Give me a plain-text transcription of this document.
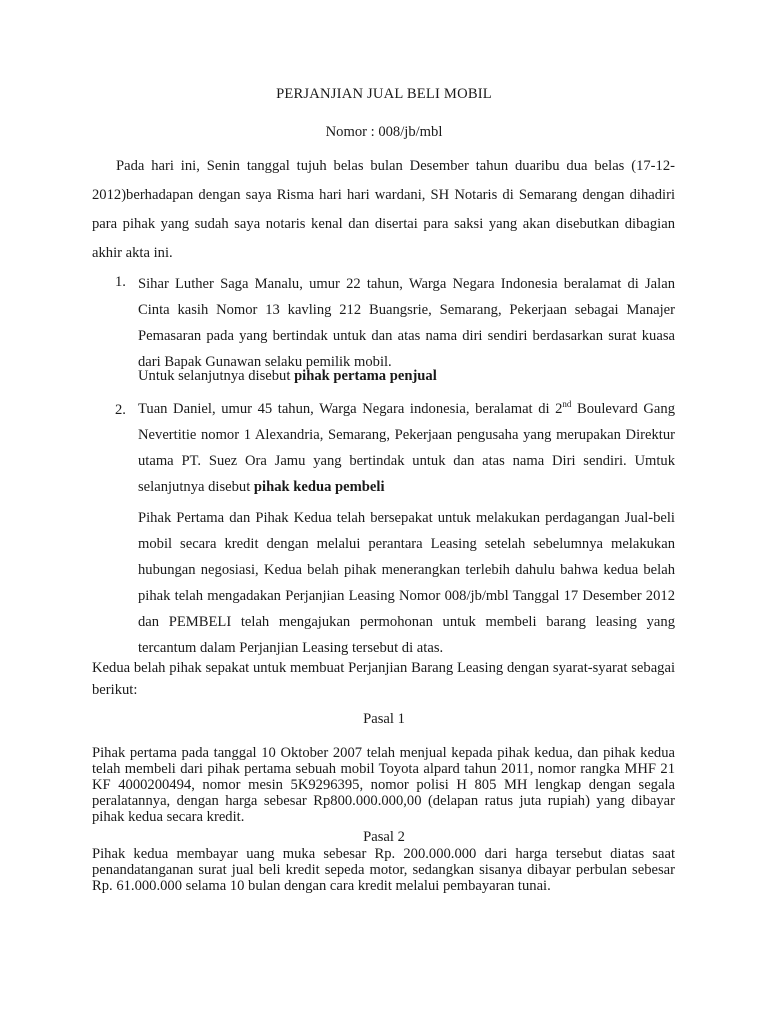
PERJANJIAN JUAL BELI MOBIL
Nomor : 008/jb/mbl
Pada hari ini, Senin tanggal tujuh belas bulan Desember tahun duaribu dua belas (17-12-2012)berhadapan dengan saya Risma hari hari wardani, SH Notaris di Semarang dengan dihadiri para pihak yang sudah saya notaris kenal dan disertai para saksi yang akan disebutkan dibagian akhir akta ini.
1. Sihar Luther Saga Manalu, umur 22 tahun, Warga Negara Indonesia beralamat di Jalan Cinta kasih Nomor 13 kavling 212 Buangsrie, Semarang, Pekerjaan sebagai Manajer Pemasaran pada yang bertindak untuk dan atas nama diri sendiri berdasarkan surat kuasa dari Bapak Gunawan selaku pemilik mobil.
Untuk selanjutnya disebut pihak pertama penjual
2. Tuan Daniel, umur 45 tahun, Warga Negara indonesia, beralamat di 2nd Boulevard Gang Nevertitie nomor 1 Alexandria, Semarang, Pekerjaan pengusaha yang merupakan Direktur utama PT. Suez Ora Jamu yang bertindak untuk dan atas nama Diri sendiri. Umtuk selanjutnya disebut pihak kedua pembeli
Pihak Pertama dan Pihak Kedua telah bersepakat untuk melakukan perdagangan Jual-beli mobil secara kredit dengan melalui perantara Leasing setelah sebelumnya melakukan hubungan negosiasi, Kedua belah pihak menerangkan terlebih dahulu bahwa kedua belah pihak telah mengadakan Perjanjian Leasing Nomor 008/jb/mbl Tanggal 17 Desember 2012 dan PEMBELI telah mengajukan permohonan untuk membeli barang leasing yang tercantum dalam Perjanjian Leasing tersebut di atas.
Kedua belah pihak sepakat untuk membuat Perjanjian Barang Leasing dengan syarat-syarat sebagai berikut:
Pasal 1
Pihak pertama pada tanggal 10 Oktober 2007 telah menjual kepada pihak kedua, dan pihak kedua telah membeli dari pihak pertama sebuah mobil Toyota alpard tahun 2011, nomor rangka MHF 21 KF 4000200494, nomor mesin 5K9296395, nomor polisi H 805 MH lengkap dengan segala peralatannya, dengan harga sebesar Rp800.000.000,00 (delapan ratus juta rupiah) yang dibayar pihak kedua secara kredit.
Pasal 2
Pihak kedua membayar uang muka sebesar Rp. 200.000.000 dari harga tersebut diatas saat penandatanganan surat jual beli kredit sepeda motor, sedangkan sisanya dibayar perbulan sebesar Rp. 61.000.000 selama 10 bulan dengan cara kredit melalui pembayaran tunai.
